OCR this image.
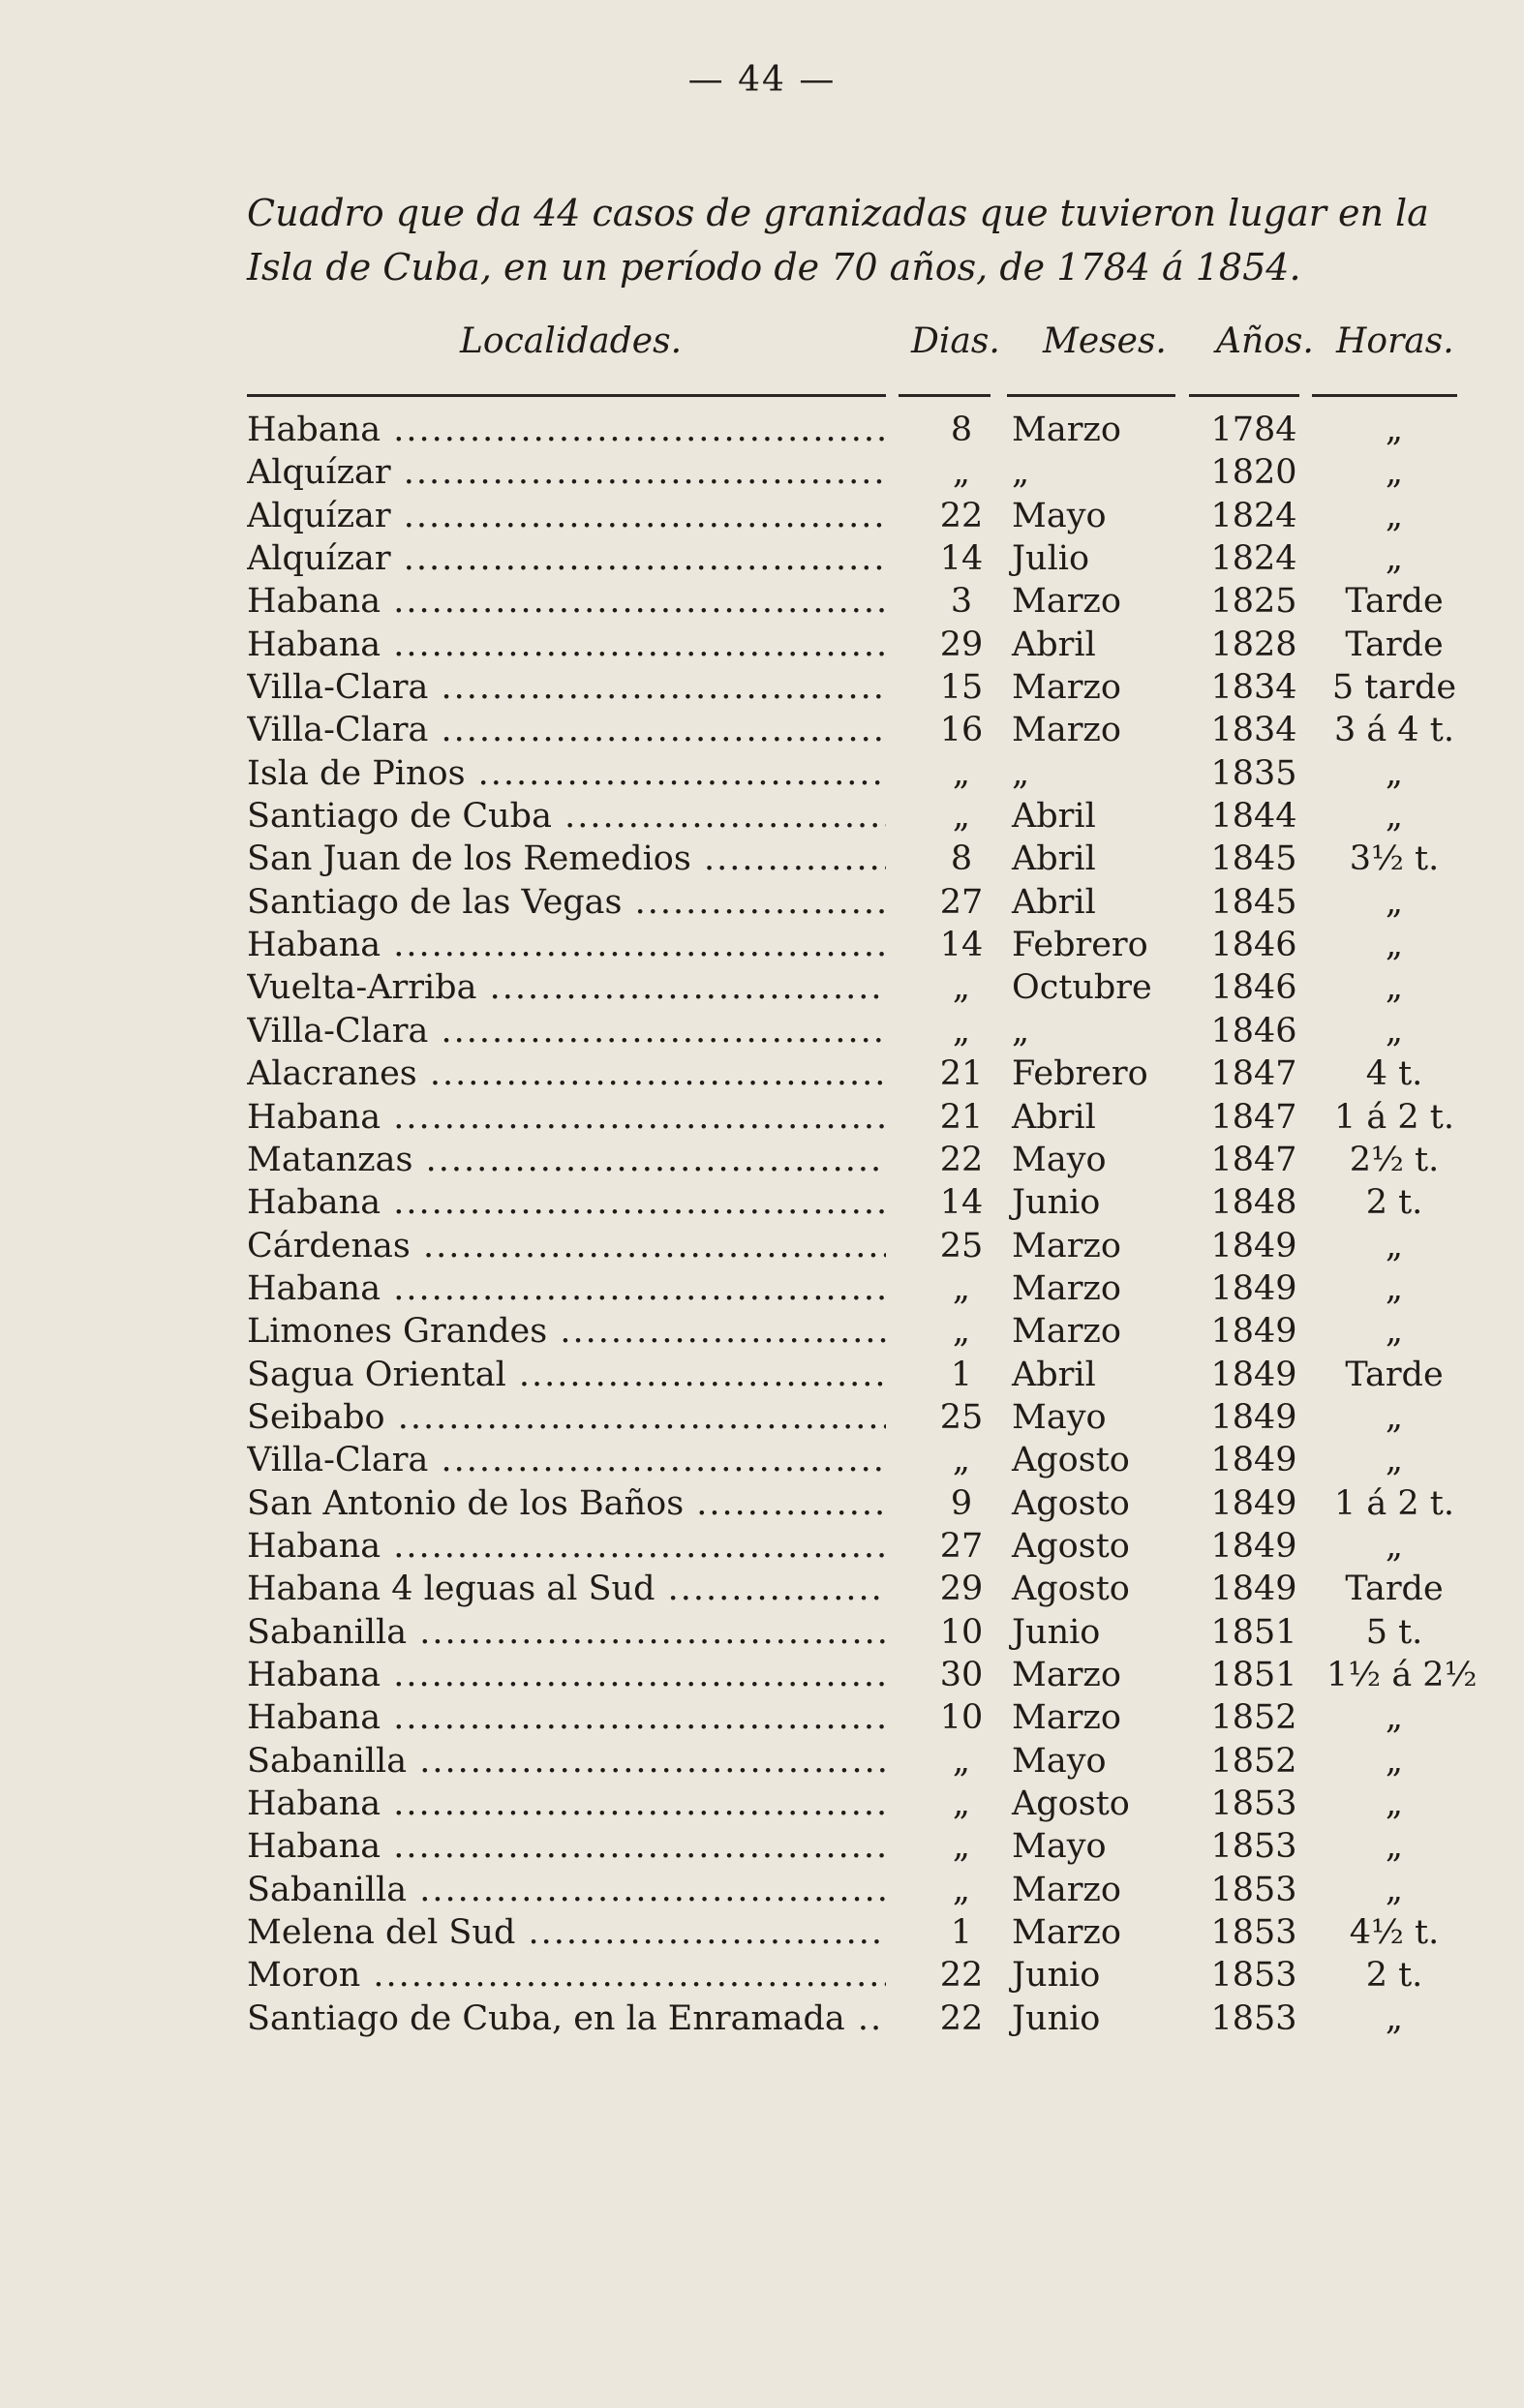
— 44 —
Cuadro que da 44 casos de granizadas que tuvieron lugar en la Isla de Cuba, en un período de 70 años, de 1784 á 1854.
Localidades.	Dias. Meses. Años. Horas.
Habana .....	8	Marzo	1784	„
Alquízar .....	„	„	1820	„
Alquízar .....	22 Mayo	1824	„
Alquízar .....	14 Julio	1824	„
Habana .....	3	Marzo	1825	Tarde
Habana .....	29 Abril	1828	Tarde
Villa-Clara .....	15 Marzo	1834	5 tarde
Villa-Clara .....	16 Marzo	1834	3 á 4 t.
Isla de Pinos .....	„	„	1835	„
Santiago de Cuba .....	„	Abril	1844	„
San Juan de los Remedios .....	8	Abril	1845	3½ t.
Santiago de las Vegas .....	27 Abril	1845	„
Habana .....	14 Febrero	1846	„
Vuelta-Arriba .....	„	Octubre	1846	„
Villa-Clara .....	„	„	1846	„
Alacranes .....	21 Febrero	1847	4 t.
Habana .....	21 Abril	1847	1 á 2 t.
Matanzas .....	22 Mayo	1847	2½ t.
Habana .....	14 Junio	1848	2 t.
Cárdenas .....	25 Marzo	1849	„
Habana .....	„	Marzo	1849	„
Limones Grandes .....	„	Marzo	1849	„
Sagua Oriental .....	1	Abril	1849	Tarde
Seibabo .....	25 Mayo	1849	„
Villa-Clara .....	„	Agosto	1849	„
San Antonio de los Baños .....	9	Agosto	1849	1 á 2 t.
Habana .....	27 Agosto	1849	„
Habana 4 leguas al Sud .....	29 Agosto	1849	Tarde
Sabanilla .....	10 Junio	1851	5 t.
Habana .....	30 Marzo	1851 1½ á 2½
Habana .....	10 Marzo	1852	„
Sabanilla .....	„	Mayo	1852	„
Habana .....	„	Agosto	1853	„
Habana .....	„	Mayo	1853	„
Sabanilla .....	„	Marzo	1853	„
Melena del Sud .....	1	Marzo	1853	4½ t.
Moron .....	22 Junio	1853	2 t.
Santiago de Cuba, en la Enramada .....	22 Junio	1853	„
